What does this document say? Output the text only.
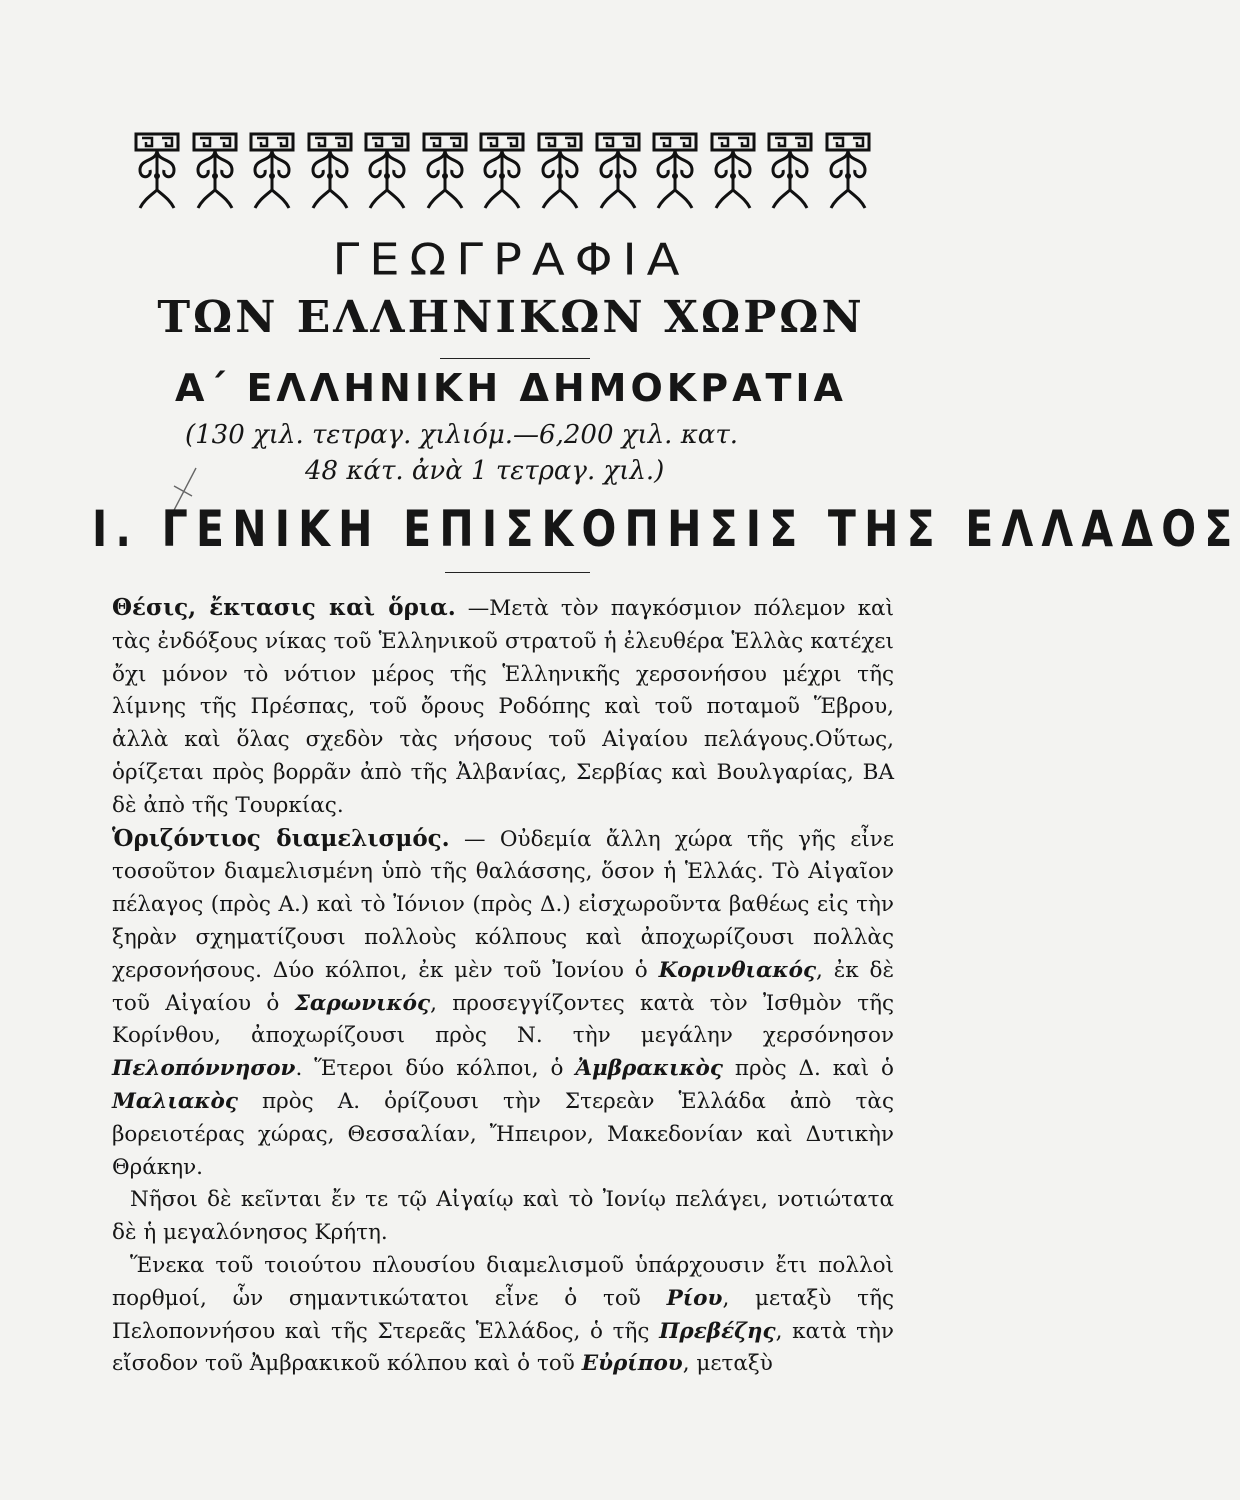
ΓΕΩΓΡΑΦΙΑ
ΤΩΝ ΕΛΛΗΝΙΚΩΝ ΧΩΡΩΝ
Α΄ ΕΛΛΗΝΙΚΗ ΔΗΜΟΚΡΑΤΙΑ
(130 χιλ. τετραγ. χιλιόμ.—6,200 χιλ. κατ.
48 κάτ. ἀνὰ 1 τετραγ. χιλ.)
Ι. ΓΕΝΙΚΗ ΕΠΙΣΚΟΠΗΣΙΣ ΤΗΣ ΕΛΛΑΔΟΣ

Θέσις, ἔκτασις καὶ ὅρια. —Μετὰ τὸν παγκόσμιον πόλεμον καὶ τὰς ἐνδόξους νίκας τοῦ Ἑλληνικοῦ στρατοῦ ἡ ἐλευθέρα Ἑλλὰς κατέχει ὄχι μόνον τὸ νότιον μέρος τῆς Ἑλληνικῆς χερσονήσου μέχρι τῆς λίμνης τῆς Πρέσπας, τοῦ ὄρους Ροδόπης καὶ τοῦ ποταμοῦ Ἕβρου, ἀλλὰ καὶ ὅλας σχεδὸν τὰς νήσους τοῦ Αἰγαίου πελάγους.Οὕτως, ὁρίζεται πρὸς βορρᾶν ἀπὸ τῆς Ἀλβανίας, Σερβίας καὶ Βουλγαρίας, ΒΑ δὲ ἀπὸ τῆς Τουρκίας.

Ὁριζόντιος διαμελισμός. — Οὐδεμία ἄλλη χώρα τῆς γῆς εἶνε τοσοῦτον διαμελισμένη ὑπὸ τῆς θαλάσσης, ὅσον ἡ Ἑλλάς. Τὸ Αἰγαῖον πέλαγος (πρὸς Α.) καὶ τὸ Ἰόνιον (πρὸς Δ.) εἰσχωροῦντα βαθέως εἰς τὴν ξηρὰν σχηματίζουσι πολλοὺς κόλπους καὶ ἀποχωρίζουσι πολλὰς χερσονήσους. Δύο κόλποι, ἐκ μὲν τοῦ Ἰονίου ὁ Κορινθιακός, ἐκ δὲ τοῦ Αἰγαίου ὁ Σαρωνικός, προσεγγίζοντες κατὰ τὸν Ἰσθμὸν τῆς Κορίνθου, ἀποχωρίζουσι πρὸς Ν. τὴν μεγάλην χερσόνησον Πελοπόννησον. Ἕτεροι δύο κόλποι, ὁ Ἀμβρακικὸς πρὸς Δ. καὶ ὁ Μαλιακὸς πρὸς Α. ὁρίζουσι τὴν Στερεὰν Ἑλλάδα ἀπὸ τὰς βορειοτέρας χώρας, Θεσσαλίαν, Ἤπειρον, Μακεδονίαν καὶ Δυτικὴν Θράκην.

Νῆσοι δὲ κεῖνται ἔν τε τῷ Αἰγαίῳ καὶ τὸ Ἰονίῳ πελάγει, νοτιώτατα δὲ ἡ μεγαλόνησος Κρήτη.

Ἕνεκα τοῦ τοιούτου πλουσίου διαμελισμοῦ ὑπάρχουσιν ἔτι πολλοὶ πορθμοί, ὧν σημαντικώτατοι εἶνε ὁ τοῦ Ρίου, μεταξὺ τῆς Πελοποννήσου καὶ τῆς Στερεᾶς Ἑλλάδος, ὁ τῆς Πρεβέζης, κατὰ τὴν εἴσοδον τοῦ Ἀμβρακικοῦ κόλπου καὶ ὁ τοῦ Εὐρίπου, μεταξὺ
